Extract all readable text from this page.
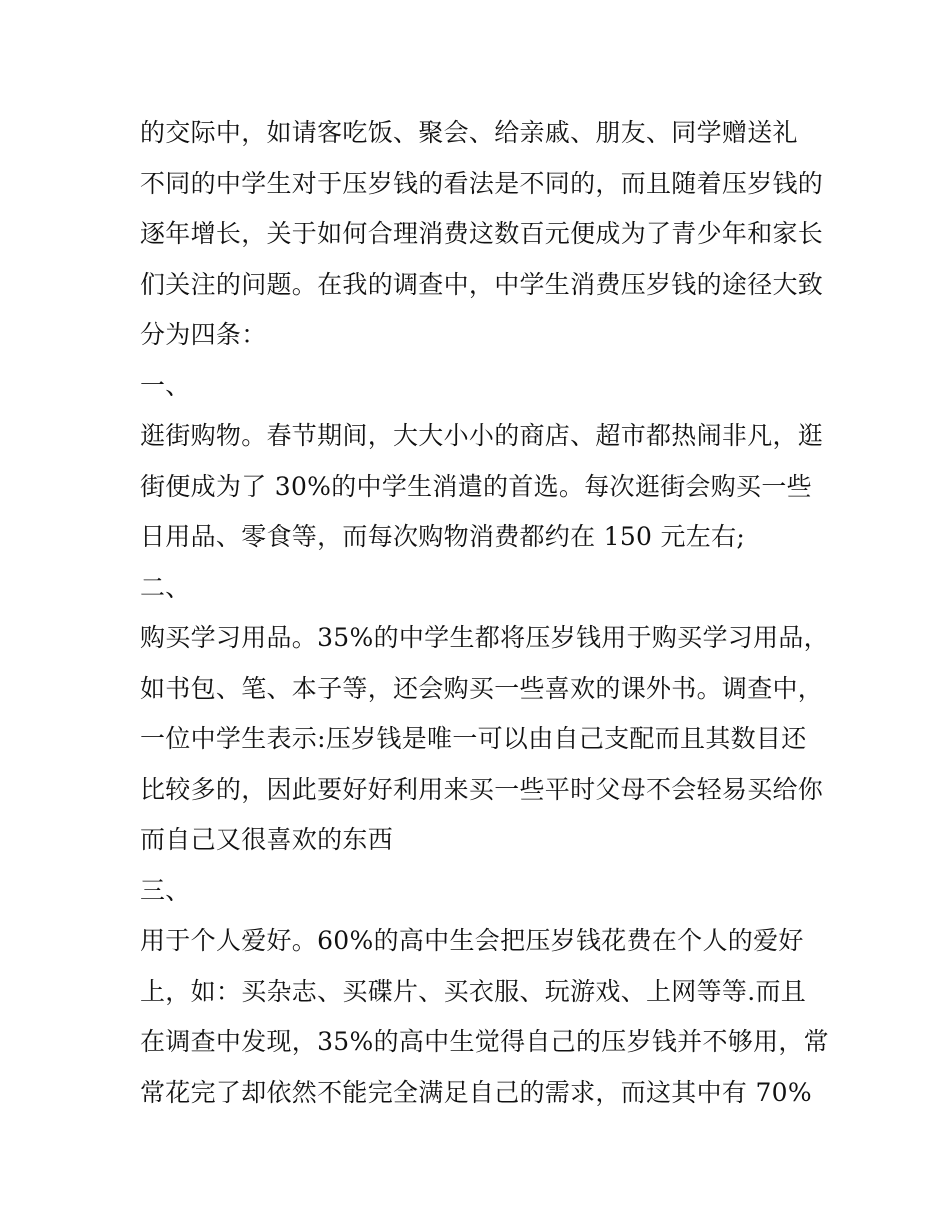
的交际中，如请客吃饭、聚会、给亲戚、朋友、同学赠送礼
不同的中学生对于压岁钱的看法是不同的，而且随着压岁钱的
逐年增长，关于如何合理消费这数百元便成为了青少年和家长
们关注的问题。在我的调查中，中学生消费压岁钱的途径大致
分为四条：
一、
逛街购物。春节期间，大大小小的商店、超市都热闹非凡，逛
街便成为了 30%的中学生消遣的首选。每次逛街会购买一些
日用品、零食等，而每次购物消费都约在 150 元左右;
二、
购买学习用品。35%的中学生都将压岁钱用于购买学习用品，
如书包、笔、本子等，还会购买一些喜欢的课外书。调查中，
一位中学生表示:压岁钱是唯一可以由自己支配而且其数目还
比较多的，因此要好好利用来买一些平时父母不会轻易买给你
而自己又很喜欢的东西
三、
用于个人爱好。60%的高中生会把压岁钱花费在个人的爱好
上，如：买杂志、买碟片、买衣服、玩游戏、上网等等.而且
在调查中发现，35%的高中生觉得自己的压岁钱并不够用，常
常花完了却依然不能完全满足自己的需求，而这其中有 70%
